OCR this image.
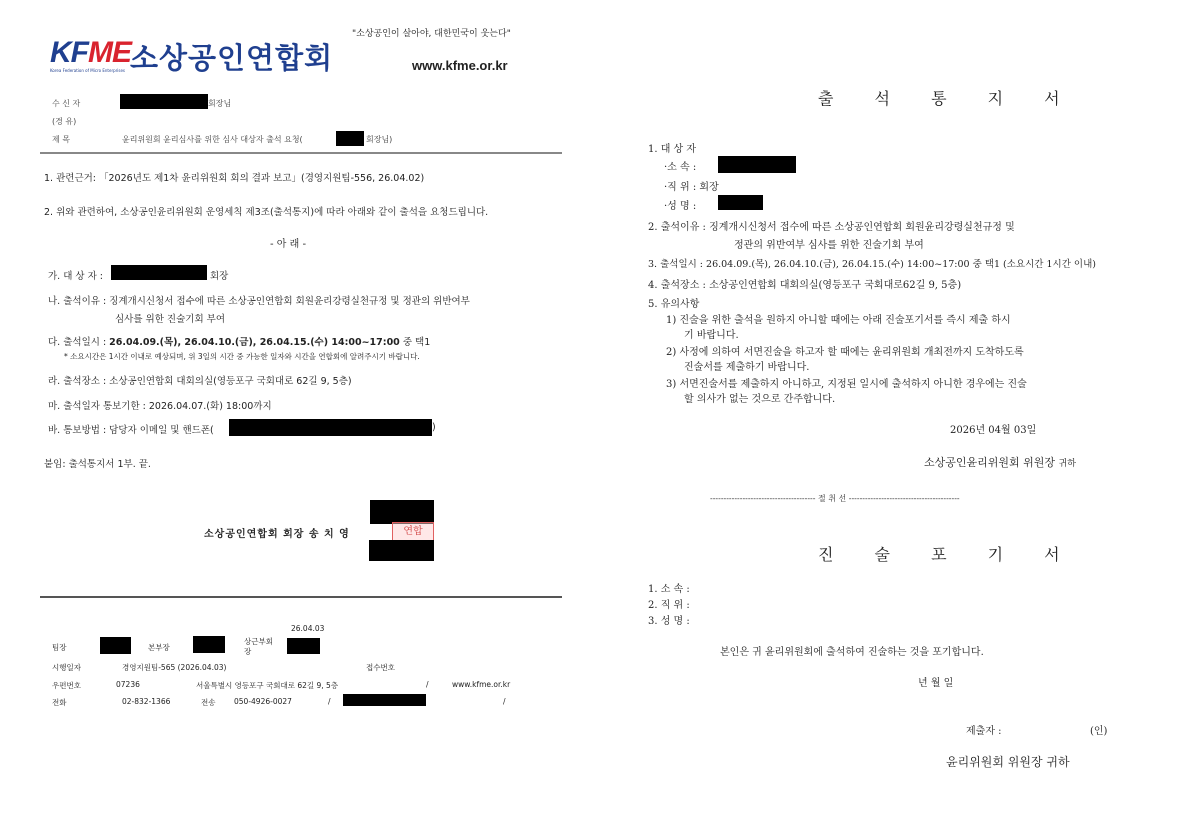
"소상공인이 살아야, 대한민국이 웃는다"
KFME 소상공인연합회
Korea Federation of Micro Enterprises	www.kfme.or.kr
수 신 자	회장님
(경 유)
제 목	윤리위원회 윤리심사를 위한 심사 대상자 출석 요청(	회장님)
1. 관련근거: 「2026년도 제1차 윤리위원회 회의 결과 보고」(경영지원팀-556, 26.04.02)
2. 위와 관련하여, 소상공인윤리위원회 운영세칙 제3조(출석통지)에 따라 아래와 같이 출석을 요청드립니다.
- 아 래 -
가. 대 상 자 :	회장
나. 출석이유 : 징계개시신청서 접수에 따른 소상공인연합회 회원윤리강령실천규정 및 정관의 위반여부
심사를 위한 진술기회 부여
다. 출석일시 : 26.04.09.(목), 26.04.10.(금), 26.04.15.(수) 14:00~17:00 중 택1
* 소요시간은 1시간 이내로 예상되며, 위 3일의 시간 중 가능한 일자와 시간을 연합회에 알려주시기 바랍니다.
라. 출석장소 : 소상공인연합회 대회의실(영등포구 국회대로 62길 9, 5층)
마. 출석일자 통보기한 : 2026.04.07.(화) 18:00까지
바. 통보방법 : 담당자 이메일 및 핸드폰(	)
붙임: 출석통지서 1부. 끝.
소상공인연합회 회장 송 치 영	연합
26.04.03
팀장	본부장
상근부회
장
시행일자	경영지원팀-565 (2026.04.03)	접수번호
우편번호	07236	서울특별시 영등포구 국회대로 62길 9, 5층	/	www.kfme.or.kr
전화	02-832-1366	전송 050-4926-0027	/	/
출 석 통 지 서
1. 대 상 자
·소 속 :
·직 위 : 회장
·성 명 :
2. 출석이유 : 징계개시신청서 접수에 따른 소상공인연합회 회원윤리강령실천규정 및
정관의 위반여부 심사를 위한 진술기회 부여
3. 출석일시 : 26.04.09.(목), 26.04.10.(금), 26.04.15.(수) 14:00~17:00 중 택1 (소요시간 1시간 이내)
4. 출석장소 : 소상공인연합회 대회의실(영등포구 국회대로62길 9, 5층)
5. 유의사항
1) 진술을 위한 출석을 원하지 아니할 때에는 아래 진술포기서를 즉시 제출 하시
기 바랍니다.
2) 사정에 의하여 서면진술을 하고자 할 때에는 윤리위원회 개최전까지 도착하도록
진술서를 제출하기 바랍니다.
3) 서면진술서를 제출하지 아니하고, 지정된 일시에 출석하지 아니한 경우에는 진술
할 의사가 없는 것으로 간주합니다.
2026년 04월 03일
소상공인윤리위원회 위원장 귀하
--------------------------------------- 절 취 선 -----------------------------------------
진 술 포 기 서
1. 소 속 :
2. 직 위 :
3. 성 명 :
본인은 귀 윤리위원회에 출석하여 진술하는 것을 포기합니다.
년 월 일
제출자 :	(인)
윤리위원회 위원장 귀하
